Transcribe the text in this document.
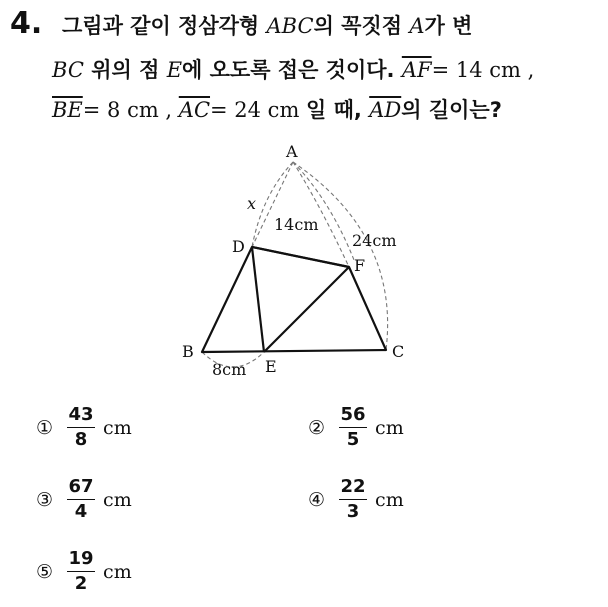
4. 그림과 같이 정삼각형 ABC의 꼭짓점 A가 변
BC 위의 점 E에 오도록 접은 것이다. $\overline{AF}= 14$ cm ,
$\overline{BE}= 8$ cm , $\overline{AC}= 24$ cm 일 때, $\overline{AD}$의 길이는?
A
B	C
D
E
F
x
14cm
24cm
8cm
① $\frac{43}{8}$ cm	② $\frac{56}{5}$ cm
③ $\frac{67}{4}$ cm	④ $\frac{22}{3}$ cm
⑤ $\frac{19}{2}$ cm
